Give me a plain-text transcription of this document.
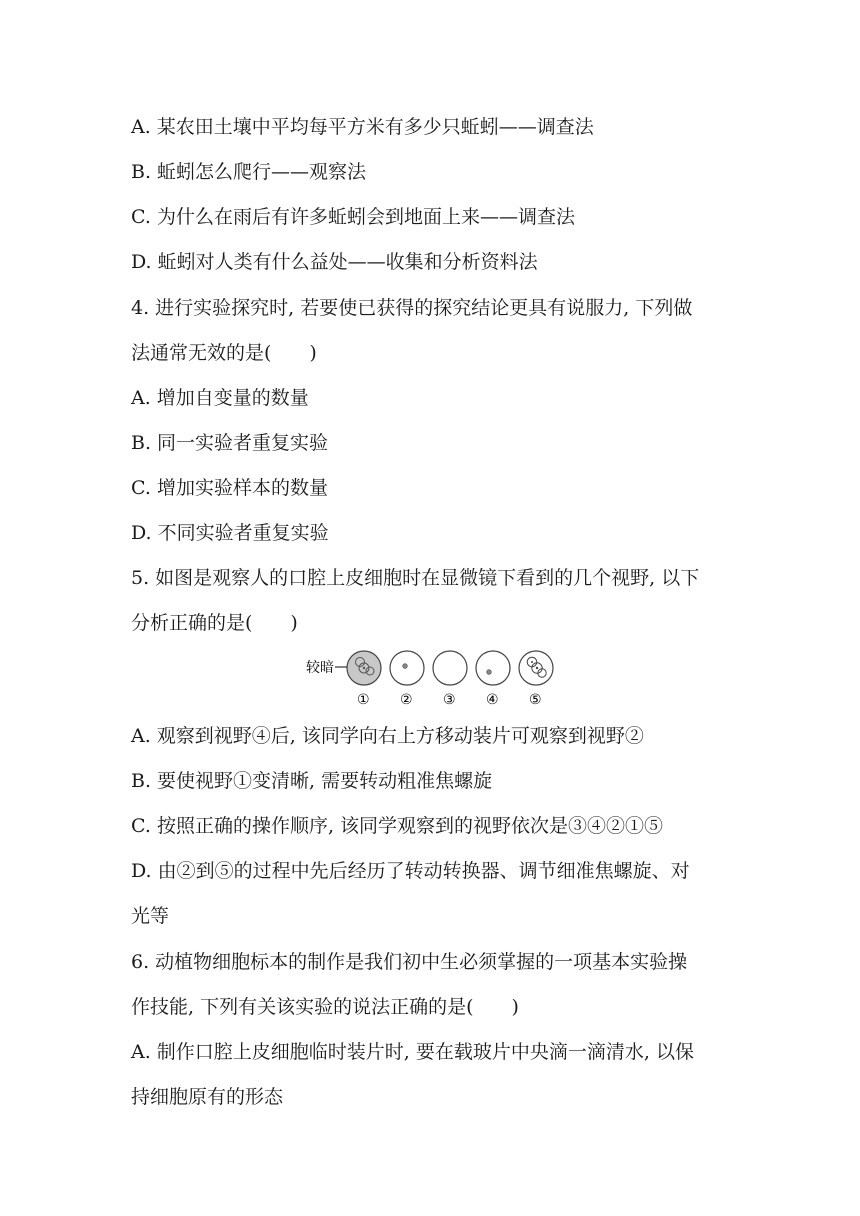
A. 某农田土壤中平均每平方米有多少只蚯蚓——调查法
B. 蚯蚓怎么爬行——观察法
C. 为什么在雨后有许多蚯蚓会到地面上来——调查法
D. 蚯蚓对人类有什么益处——收集和分析资料法
4. 进行实验探究时, 若要使已获得的探究结论更具有说服力, 下列做
法通常无效的是(　　)
A. 增加自变量的数量
B. 同一实验者重复实验
C. 增加实验样本的数量
D. 不同实验者重复实验
5. 如图是观察人的口腔上皮细胞时在显微镜下看到的几个视野, 以下
分析正确的是(　　)
较暗
① ② ③ ④ ⑤
A. 观察到视野④后, 该同学向右上方移动装片可观察到视野②
B. 要使视野①变清晰, 需要转动粗准焦螺旋
C. 按照正确的操作顺序, 该同学观察到的视野依次是③④②①⑤
D. 由②到⑤的过程中先后经历了转动转换器、调节细准焦螺旋、对
光等
6. 动植物细胞标本的制作是我们初中生必须掌握的一项基本实验操
作技能, 下列有关该实验的说法正确的是(　　)
A. 制作口腔上皮细胞临时装片时, 要在载玻片中央滴一滴清水, 以保
持细胞原有的形态
